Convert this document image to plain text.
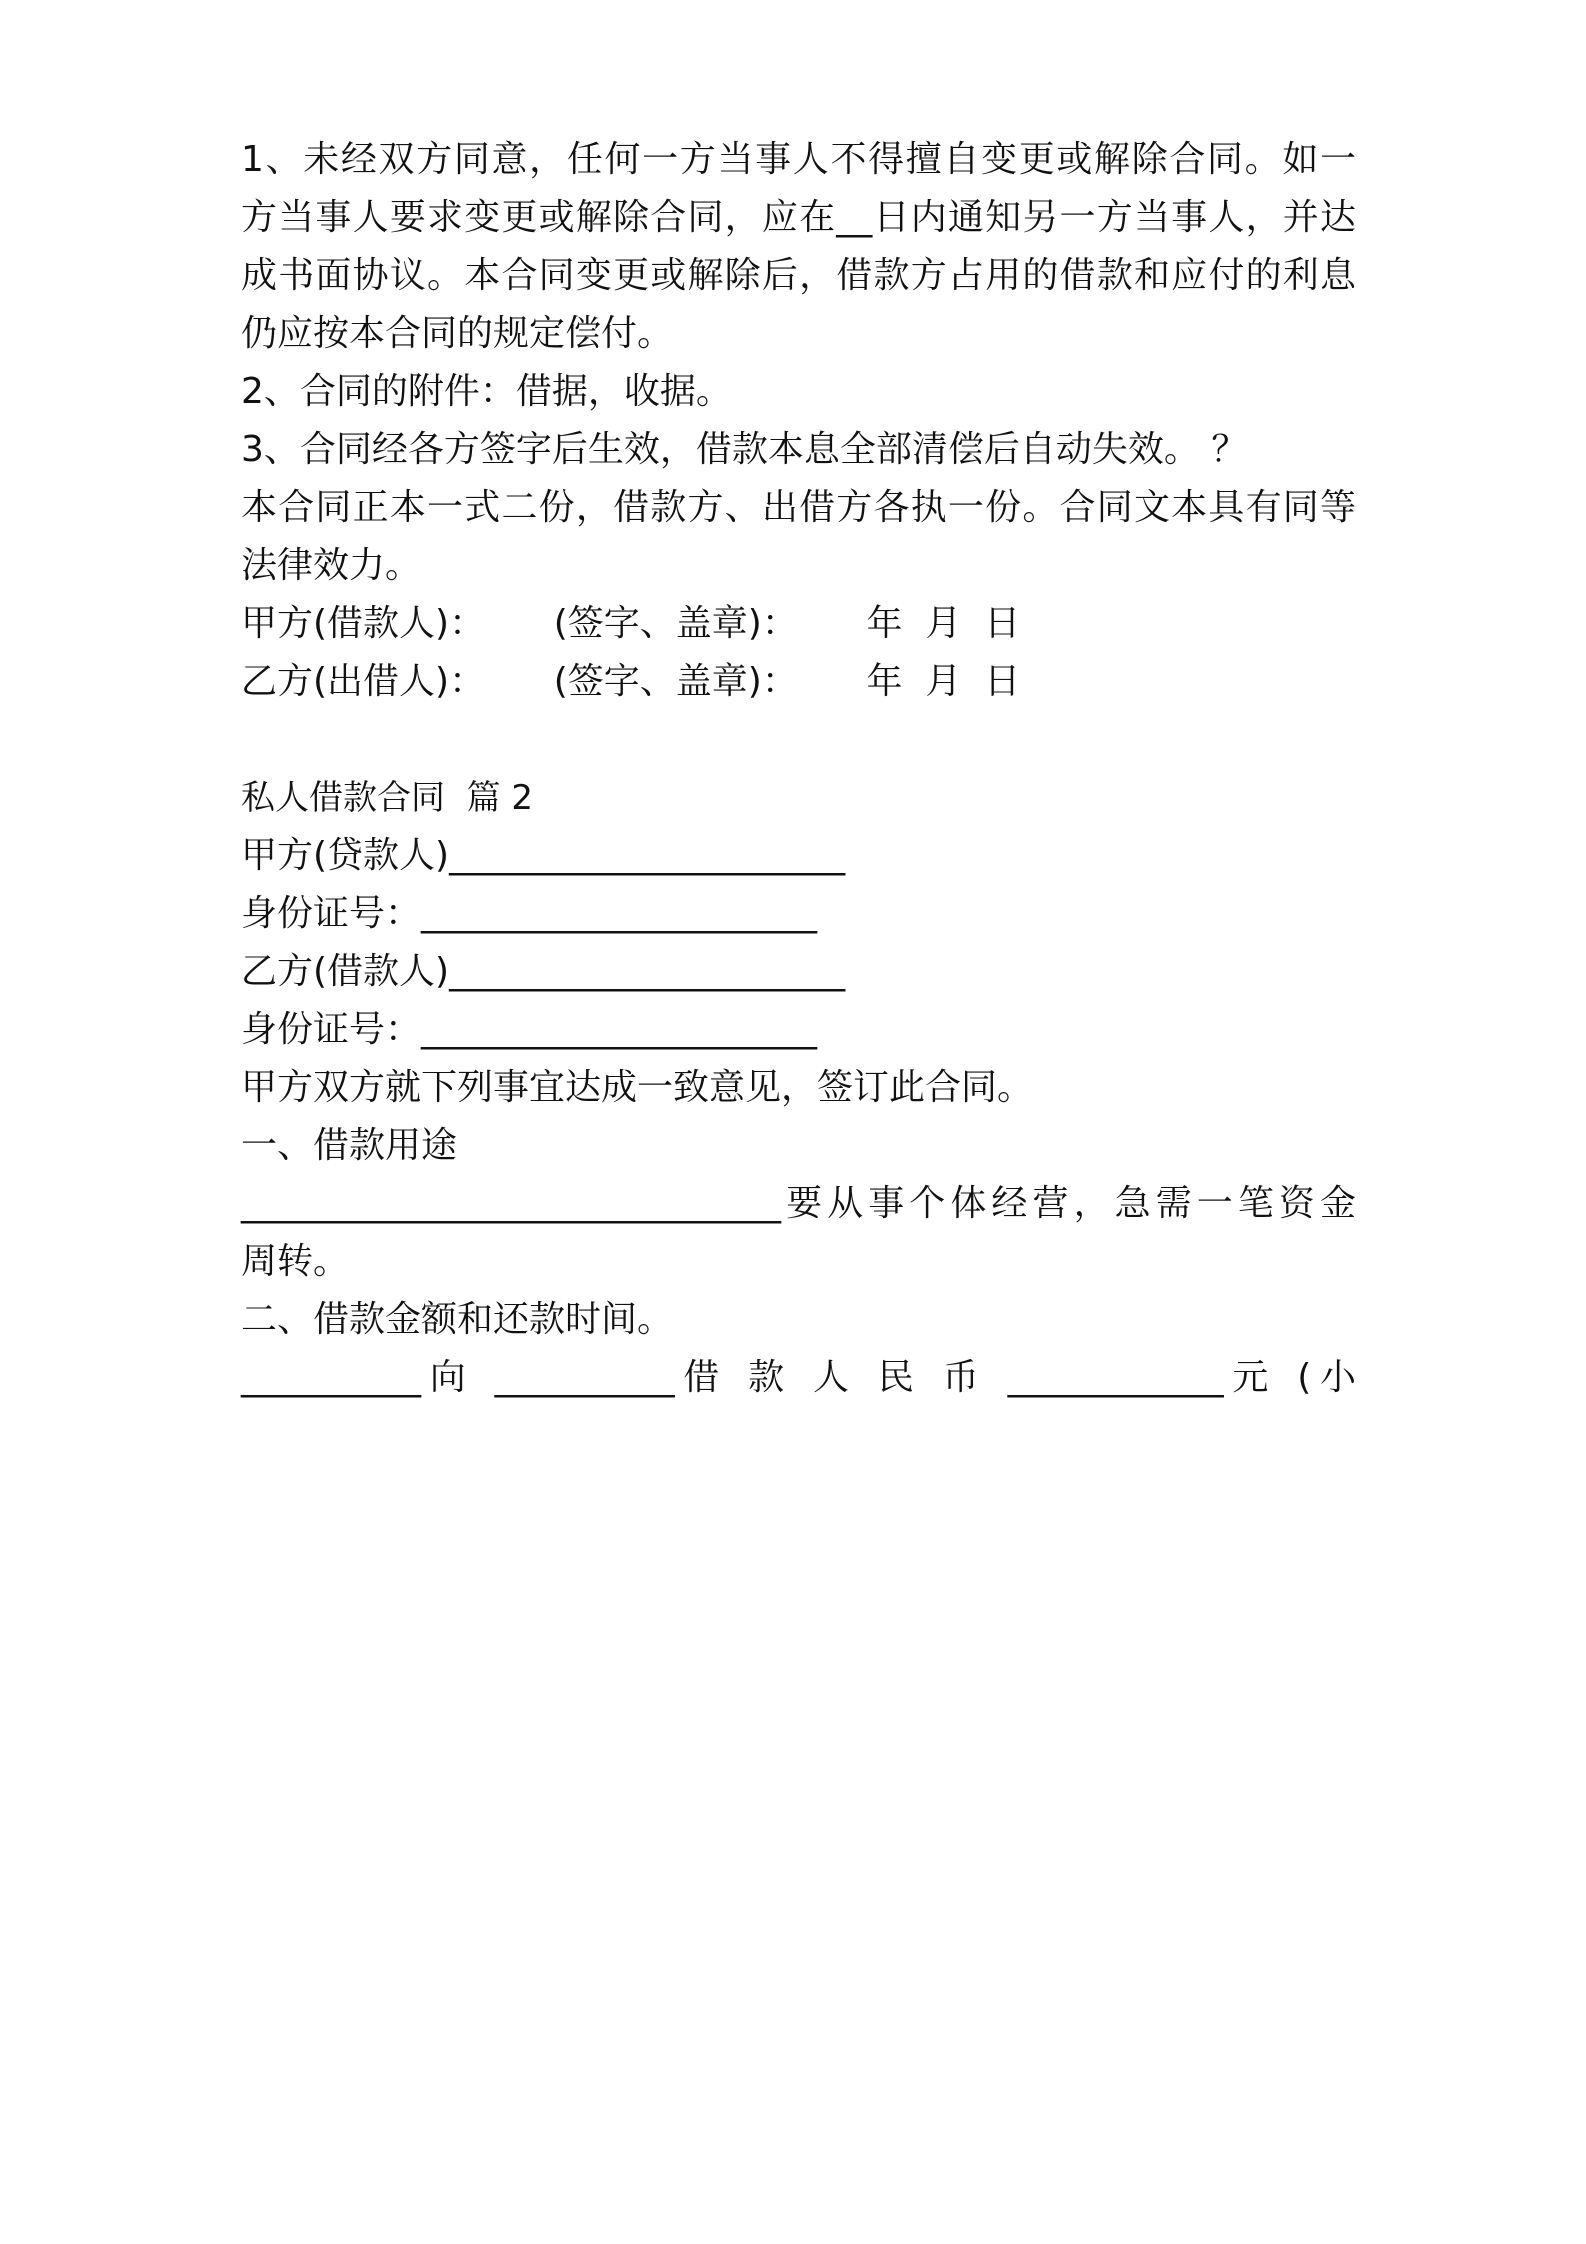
1、未经双方同意，任何一方当事人不得擅自变更或解除合同。如一
方当事人要求变更或解除合同，应在__日内通知另一方当事人，并达
成书面协议。本合同变更或解除后，借款方占用的借款和应付的利息
仍应按本合同的规定偿付。
2、合同的附件：借据，收据。
3、合同经各方签字后生效，借款本息全部清偿后自动失效。 ？
本合同正本一式二份，借款方、出借方各执一份。合同文本具有同等
法律效力。
甲方(借款人)：      (签字、盖章)：      年  月  日
乙方(出借人)：      (签字、盖章)：      年  月  日
私人借款合同  篇 2
甲方(贷款人)______________________
身份证号：______________________
乙方(借款人)______________________
身份证号：______________________
甲方双方就下列事宜达成一致意见，签订此合同。
一、借款用途
______________________________要从事个体经营，急需一笔资金
周转。
二、借款金额和还款时间。
__________向 __________借 款 人 民 币 ____________元 (小
